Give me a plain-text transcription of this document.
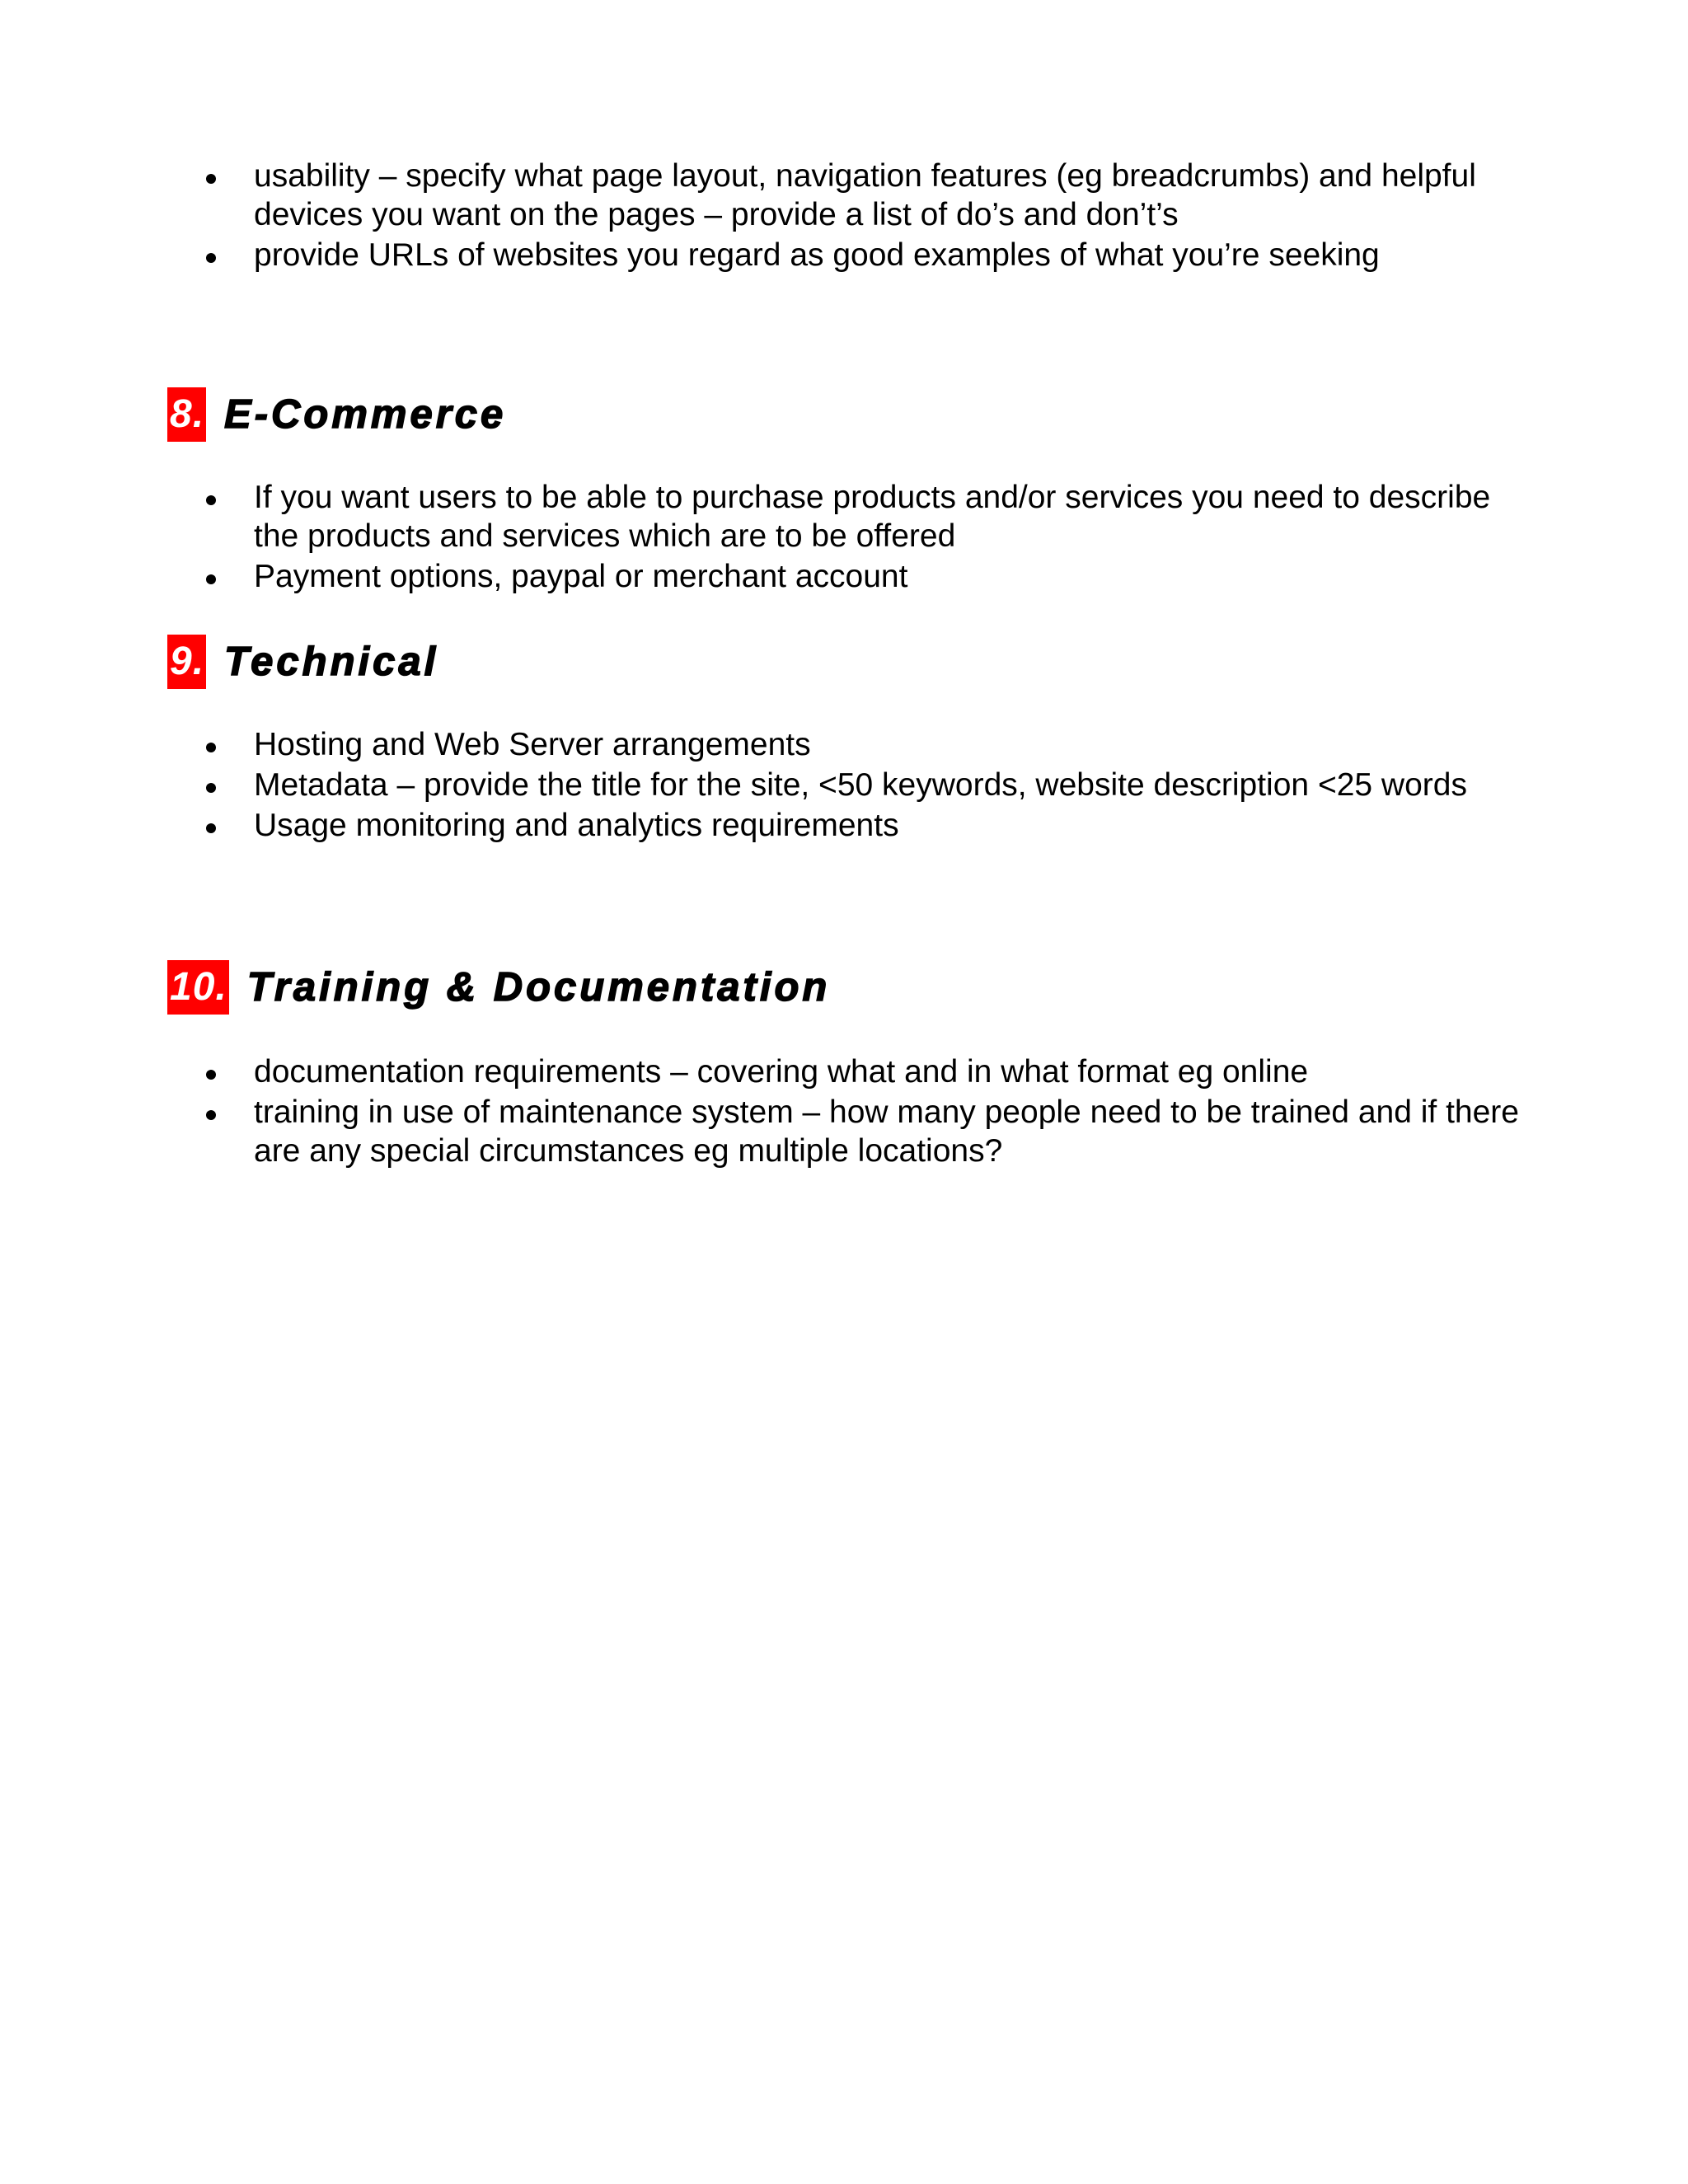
usability – specify what page layout, navigation features (eg breadcrumbs) and helpful devices you want on the pages – provide a list of do’s and don’t’s
provide URLs of websites you regard as good examples of what you’re seeking
8. E-Commerce
If you want users to be able to purchase products and/or services you need to describe the products and services which are to be offered
Payment options, paypal or merchant account
9. Technical
Hosting and Web Server arrangements
Metadata – provide the title for the site, <50 keywords, website description <25 words
Usage monitoring and analytics requirements
10. Training & Documentation
documentation requirements – covering what and in what format eg online
training in use of maintenance system – how many people need to be trained and if there are any special circumstances eg multiple locations?
